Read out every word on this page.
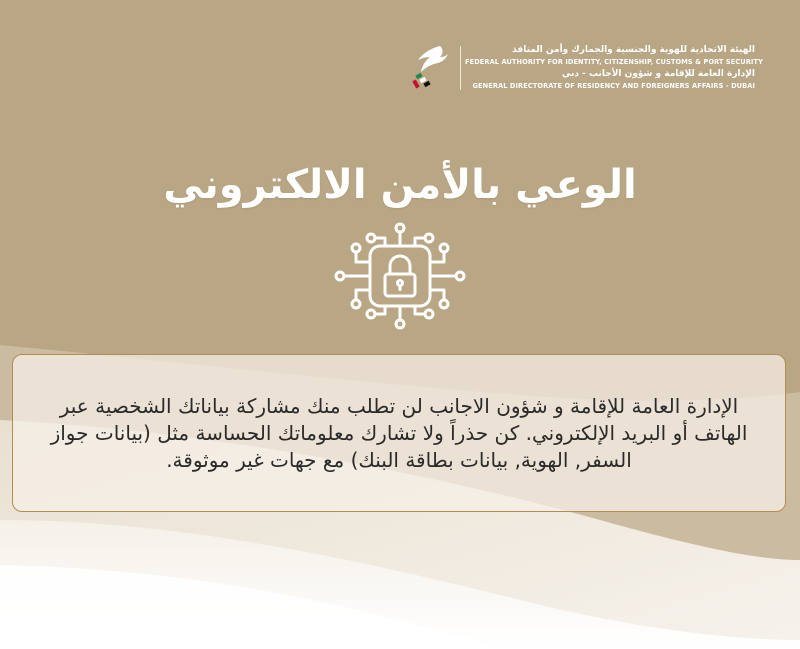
الهيئة الاتحادية للهوية والجنسية والجمارك وأمن المنافذ
FEDERAL AUTHORITY FOR IDENTITY, CITIZENSHIP, CUSTOMS & PORT SECURITY
الإدارة العامة للإقامة و شؤون الأجانب - دبي
GENERAL DIRECTORATE OF RESIDENCY AND FOREIGNERS AFFAIRS - DUBAI
الوعي بالأمن الالكتروني
الإدارة العامة للإقامة و شؤون الاجانب لن تطلب منك مشاركة بياناتك الشخصية عبر الهاتف أو البريد الإلكتروني. كن حذراً ولا تشارك معلوماتك الحساسة مثل (بيانات جواز السفر, الهوية, بيانات بطاقة البنك) مع جهات غير موثوقة.
